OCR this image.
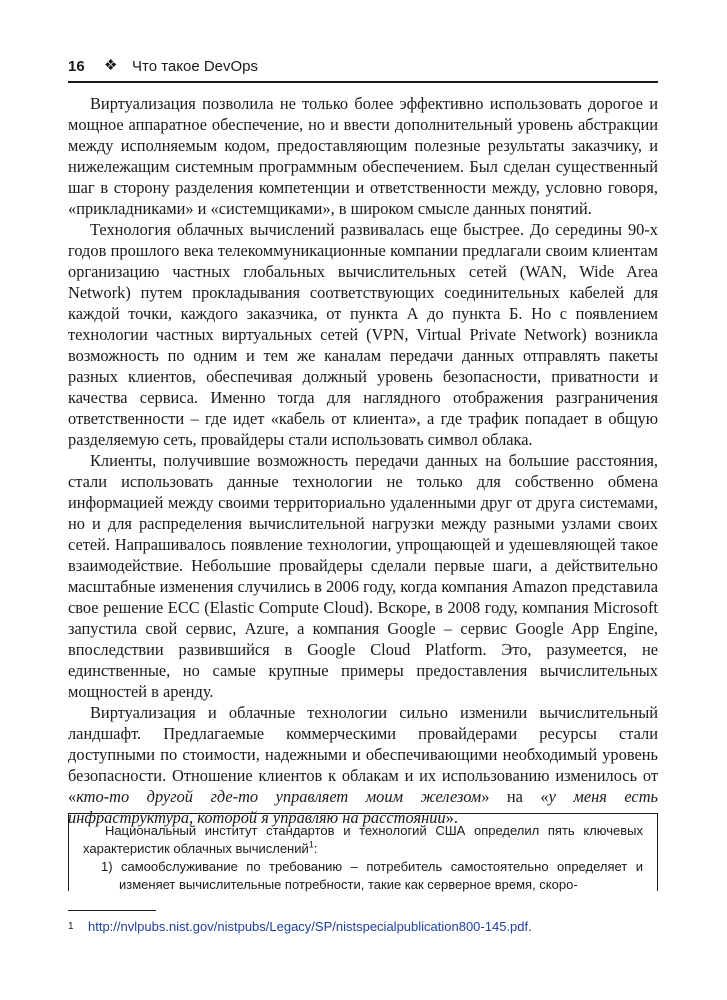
16 ❖ Что такое DevOps

Виртуализация позволила не только более эффективно использовать дорогое и мощное аппаратное обеспечение, но и ввести дополнительный уровень абстракции между исполняемым кодом, предоставляющим полезные результаты заказчику, и нижележащим системным программным обеспечением. Был сделан существенный шаг в сторону разделения компетенции и ответственности между, условно говоря, «прикладниками» и «системщиками», в широком смысле данных понятий.

Технология облачных вычислений развивалась еще быстрее. До середины 90-х годов прошлого века телекоммуникационные компании предлагали своим клиентам организацию частных глобальных вычислительных сетей (WAN, Wide Area Network) путем прокладывания соответствующих соединительных кабелей для каждой точки, каждого заказчика, от пункта А до пункта Б. Но с появлением технологии частных виртуальных сетей (VPN, Virtual Private Network) возникла возможность по одним и тем же каналам передачи данных отправлять пакеты разных клиентов, обеспечивая должный уровень безопасности, приватности и качества сервиса. Именно тогда для наглядного отображения разграничения ответственности – где идет «кабель от клиента», а где трафик попадает в общую разделяемую сеть, провайдеры стали использовать символ облака.

Клиенты, получившие возможность передачи данных на большие расстояния, стали использовать данные технологии не только для собственно обмена информацией между своими территориально удаленными друг от друга системами, но и для распределения вычислительной нагрузки между разными узлами своих сетей. Напрашивалось появление технологии, упрощающей и удешевляющей такое взаимодействие. Небольшие провайдеры сделали первые шаги, а действительно масштабные изменения случились в 2006 году, когда компания Amazon представила свое решение ECC (Elastic Compute Cloud). Вскоре, в 2008 году, компания Microsoft запустила свой сервис, Azure, а компания Google – сервис Google App Engine, впоследствии развившийся в Google Cloud Platform. Это, разумеется, не единственные, но самые крупные примеры предоставления вычислительных мощностей в аренду.

Виртуализация и облачные технологии сильно изменили вычислительный ландшафт. Предлагаемые коммерческими провайдерами ресурсы стали доступными по стоимости, надежными и обеспечивающими необходимый уровень безопасности. Отношение клиентов к облакам и их использованию изменилось от «кто-то другой где-то управляет моим железом» на «у меня есть инфраструктура, которой я управляю на расстоянии».

Национальный институт стандартов и технологий США определил пять ключевых характеристик облачных вычислений$^1$:

1) самообслуживание по требованию – потребитель самостоятельно определяет и изменяет вычислительные потребности, такие как серверное время, скоро-

1 http://nvlpubs.nist.gov/nistpubs/Legacy/SP/nistspecialpublication800-145.pdf.
